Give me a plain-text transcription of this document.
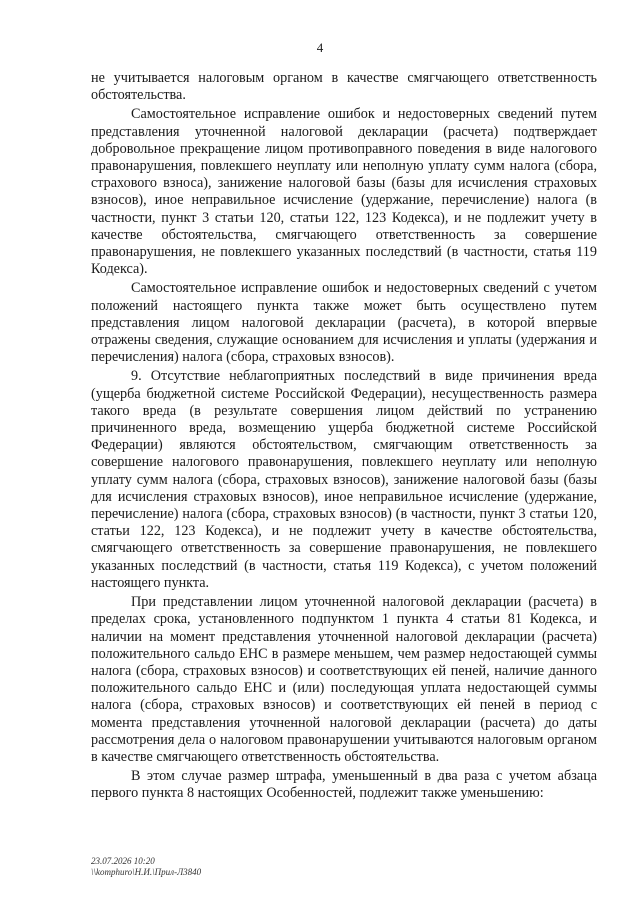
4

не учитывается налоговым органом в качестве смягчающего ответственность обстоятельства.

Самостоятельное исправление ошибок и недостоверных сведений путем представления уточненной налоговой декларации (расчета) подтверждает добровольное прекращение лицом противоправного поведения в виде налогового правонарушения, повлекшего неуплату или неполную уплату сумм налога (сбора, страхового взноса), занижение налоговой базы (базы для исчисления страховых взносов), иное неправильное исчисление (удержание, перечисление) налога (в частности, пункт 3 статьи 120, статьи 122, 123 Кодекса), и не подлежит учету в качестве обстоятельства, смягчающего ответственность за совершение правонарушения, не повлекшего указанных последствий (в частности, статья 119 Кодекса).

Самостоятельное исправление ошибок и недостоверных сведений с учетом положений настоящего пункта также может быть осуществлено путем представления лицом налоговой декларации (расчета), в которой впервые отражены сведения, служащие основанием для исчисления и уплаты (удержания и перечисления) налога (сбора, страховых взносов).

9. Отсутствие неблагоприятных последствий в виде причинения вреда (ущерба бюджетной системе Российской Федерации), несущественность размера такого вреда (в результате совершения лицом действий по устранению причиненного вреда, возмещению ущерба бюджетной системе Российской Федерации) являются обстоятельством, смягчающим ответственность за совершение налогового правонарушения, повлекшего неуплату или неполную уплату сумм налога (сбора, страховых взносов), занижение налоговой базы (базы для исчисления страховых взносов), иное неправильное исчисление (удержание, перечисление) налога (сбора, страховых взносов) (в частности, пункт 3 статьи 120, статьи 122, 123 Кодекса), и не подлежит учету в качестве обстоятельства, смягчающего ответственность за совершение правонарушения, не повлекшего указанных последствий (в частности, статья 119 Кодекса), с учетом положений настоящего пункта.

При представлении лицом уточненной налоговой декларации (расчета) в пределах срока, установленного подпунктом 1 пункта 4 статьи 81 Кодекса, и наличии на момент представления уточненной налоговой декларации (расчета) положительного сальдо ЕНС в размере меньшем, чем размер недостающей суммы налога (сбора, страховых взносов) и соответствующих ей пеней, наличие данного положительного сальдо ЕНС и (или) последующая уплата недостающей суммы налога (сбора, страховых взносов) и соответствующих ей пеней в период с момента представления уточненной налоговой декларации (расчета) до даты рассмотрения дела о налоговом правонарушении учитываются налоговым органом в качестве смягчающего ответственность обстоятельства.

В этом случае размер штрафа, уменьшенный в два раза с учетом абзаца первого пункта 8 настоящих Особенностей, подлежит также уменьшению:

23.07.2026 10:20
\\komphuro\Н.И.\Прил-Л3840
